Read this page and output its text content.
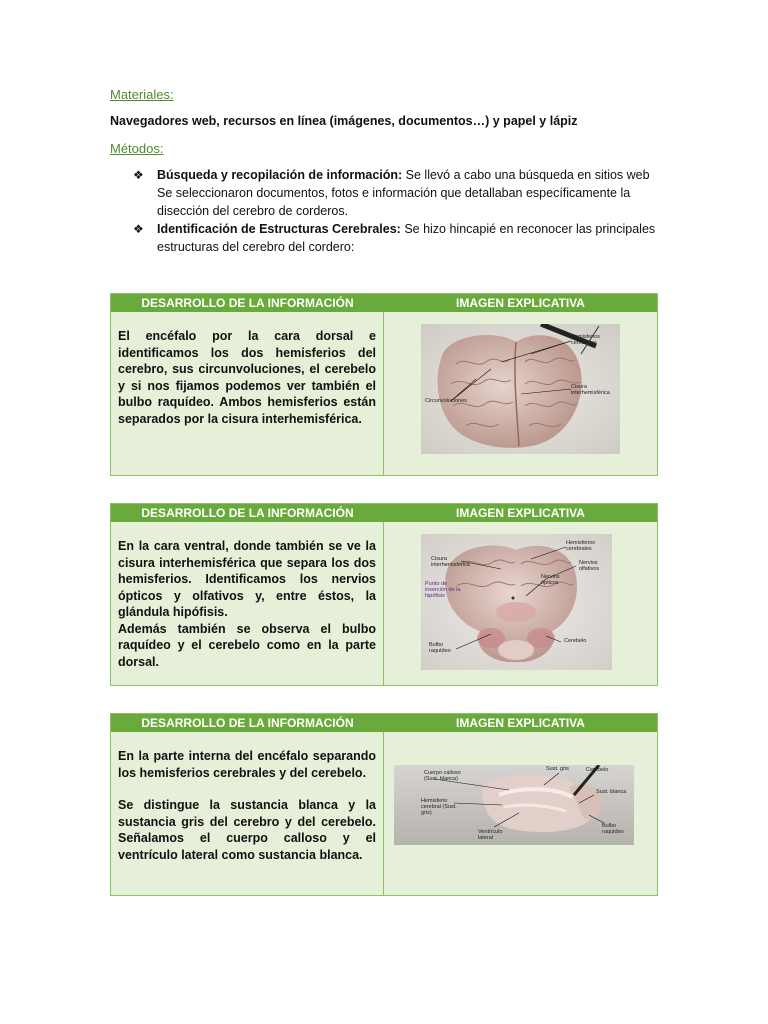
Materiales:
Navegadores web, recursos en línea (imágenes, documentos…) y papel y lápiz
Métodos:
❖ Búsqueda y recopilación de información: Se llevó a cabo una búsqueda en sitios web Se seleccionaron documentos, fotos e información que detallaban específicamente la disección del cerebro de corderos.
❖ Identificación de Estructuras Cerebrales: Se hizo hincapié en reconocer las principales estructuras del cerebro del cordero:
DESARROLLO DE LA INFORMACIÓN	IMAGEN EXPLICATIVA
El encéfalo por la cara dorsal e identificamos los dos hemisferios del cerebro, sus circunvoluciones, el cerebelo y si nos fijamos podemos ver también el bulbo raquídeo. Ambos hemisferios están separados por la cisura interhemisférica.
Hemisferios cerebrales
Cisura interhemisférica
Circunvoluciones
DESARROLLO DE LA INFORMACIÓN	IMAGEN EXPLICATIVA
En la cara ventral, donde también se ve la cisura interhemisférica que separa los dos hemisferios. Identificamos los nervios ópticos y olfativos y, entre éstos, la glándula hipófisis.
Además también se observa el bulbo raquídeo y el cerebelo como en la parte dorsal.
Cisura interhemisférica
Hemisferios cerebrales
Nervios olfativos
Nervios ópticos
Punto de inserción de la hipófisis
Bulbo raquídeo
Cerebelo
DESARROLLO DE LA INFORMACIÓN	IMAGEN EXPLICATIVA
En la parte interna del encéfalo separando los hemisferios cerebrales y del cerebelo.
Se distingue la sustancia blanca y la sustancia gris del cerebro y del cerebelo. Señalamos el cuerpo calloso y el ventrículo lateral como sustancia blanca.
Cuerpo calloso (Sust. blanca)
Sust. gris	Cerebelo
Hemisferio cerebral (Sust. gris)
Sust. blanca
Ventrículo lateral
Bulbo raquídeo
